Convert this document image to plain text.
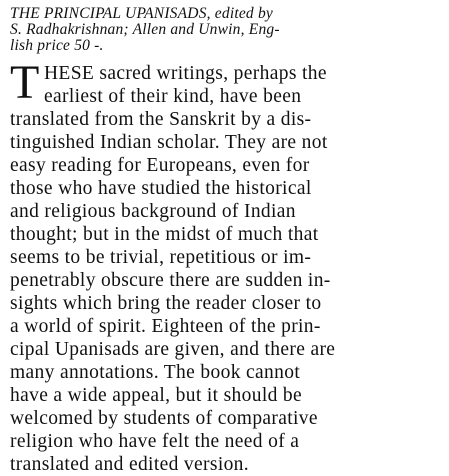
THE PRINCIPAL UPANISADS, edited by
S. Radhakrishnan; Allen and Unwin, Eng-
lish price 50 -.
T HESE sacred writings, perhaps the
earliest of their kind, have been
translated from the Sanskrit by a dis-
tinguished Indian scholar. They are not
easy reading for Europeans, even for
those who have studied the historical
and religious background of Indian
thought; but in the midst of much that
seems to be trivial, repetitious or im-
penetrably obscure there are sudden in-
sights which bring the reader closer to
a world of spirit. Eighteen of the prin-
cipal Upanisads are given, and there are
many annotations. The book cannot
have a wide appeal, but it should be
welcomed by students of comparative
religion who have felt the need of a
translated and edited version.
